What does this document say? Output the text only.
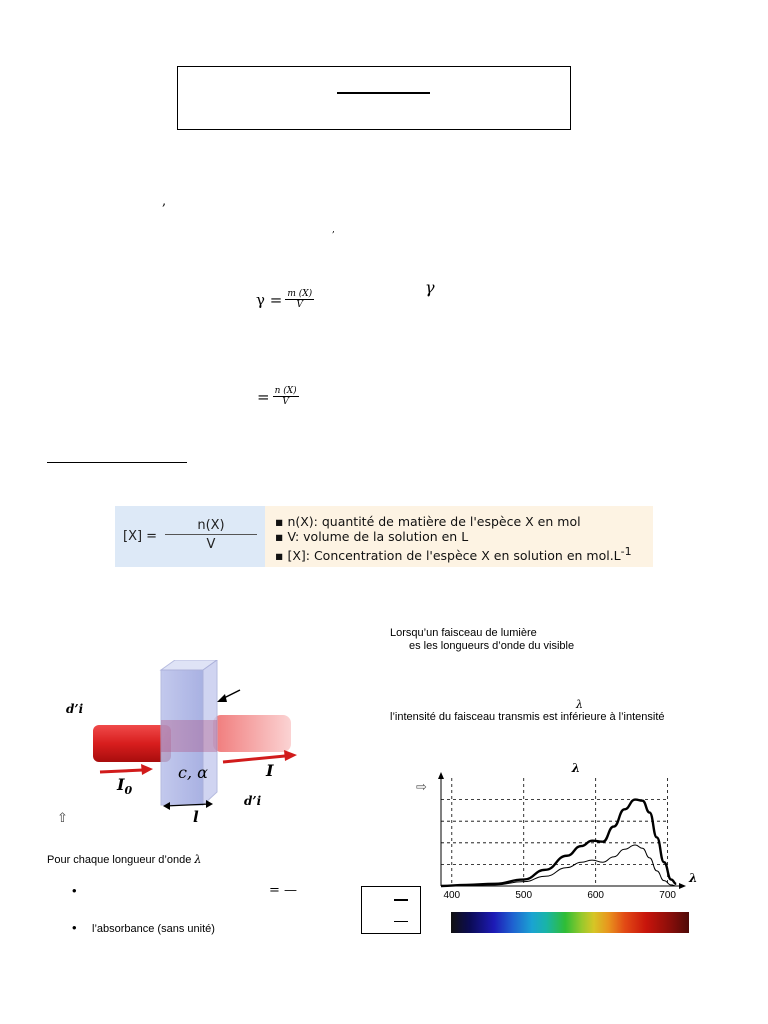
,
,
$\gamma = \frac{m (X)}{V}$
γ
= $\frac{n (X)}{V}$
[X] =
n(X)
V
▪ n(X): quantité de matière de l'espèce X en mol
▪ V: volume de la solution en L
▪ [X]: Concentration de l'espèce X en solution en $mol.L^{-1}$
Lorsqu’un faisceau de lumière
es les longueurs d’onde du visible
λ
l’intensité du faisceau transmis est inférieure à l’intensité
d’i
d’i
$I_0$
I
c, α
l
⇧
Pour chaque longueur d’onde λ
•	= —
• l’absorbance (sans unité)
λ
⇨
400	500	600	700
λ
